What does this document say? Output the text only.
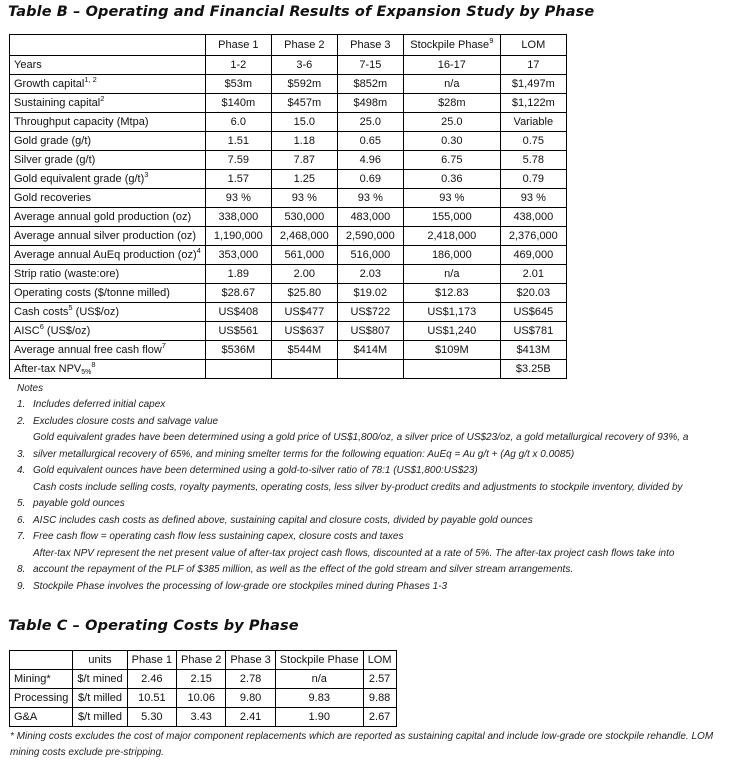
Table B – Operating and Financial Results of Expansion Study by Phase
	Phase 1	Phase 2	Phase 3	Stockpile Phase$^9$	LOM
Years	1-2	3-6	7-15	16-17	17
Growth capital$^{1, 2}$	$53m	$592m	$852m	n/a	$1,497m
Sustaining capital$^2$	$140m	$457m	$498m	$28m	$1,122m
Throughput capacity (Mtpa)	6.0	15.0	25.0	25.0	Variable
Gold grade (g/t)	1.51	1.18	0.65	0.30	0.75
Silver grade (g/t)	7.59	7.87	4.96	6.75	5.78
Gold equivalent grade $(g/t)^3$	1.57	1.25	0.69	0.36	0.79
Gold recoveries	93 %	93 %	93 %	93 %	93 %
Average annual gold production (oz)	338,000	530,000	483,000	155,000	438,000
Average annual silver production (oz)	1,190,000	2,468,000	2,590,000	2,418,000	2,376,000
Average annual AuEq production (oz)$^4$	353,000	561,000	516,000	186,000	469,000
Strip ratio (waste:ore)	1.89	2.00	2.03	n/a	2.01
Operating costs ($/tonne milled)	$28.67	$25.80	$19.02	$12.83	$20.03
Cash costs$^5$ (US$/oz)	US$408	US$477	US$722	US$1,173	US$645
AISC$^6$ (US$/oz)	US$561	US$637	US$807	US$1,240	US$781
Average annual free cash flow$^7$	$536M	$544M	$414M	$109M	$413M
After-tax $NPV_{5\%}^8$					$3.25B
Notes
1. Includes deferred initial capex
2. Excludes closure costs and salvage value
Gold equivalent grades have been determined using a gold price of US$1,800/oz, a silver price of US$23/oz, a gold metallurgical recovery of 93%, a
3. silver metallurgical recovery of 65%, and mining smelter terms for the following equation: AuEq = Au g/t + (Ag g/t x 0.0085)
4. Gold equivalent ounces have been determined using a gold-to-silver ratio of 78:1 (US$1,800:US$23)
Cash costs include selling costs, royalty payments, operating costs, less silver by-product credits and adjustments to stockpile inventory, divided by
5. payable gold ounces
6. AISC includes cash costs as defined above, sustaining capital and closure costs, divided by payable gold ounces
7. Free cash flow = operating cash flow less sustaining capex, closure costs and taxes
After-tax NPV represent the net present value of after-tax project cash flows, discounted at a rate of 5%. The after-tax project cash flows take into
8. account the repayment of the PLF of $385 million, as well as the effect of the gold stream and silver stream arrangements.
9. Stockpile Phase involves the processing of low-grade ore stockpiles mined during Phases 1-3
Table C – Operating Costs by Phase
	units	Phase 1	Phase 2	Phase 3	Stockpile Phase	LOM
Mining*	$/t mined	2.46	2.15	2.78	n/a	2.57
Processing	$/t milled	10.51	10.06	9.80	9.83	9.88
G&A	$/t milled	5.30	3.43	2.41	1.90	2.67
* Mining costs excludes the cost of major component replacements which are reported as sustaining capital and include low-grade ore stockpile rehandle. LOM mining costs exclude pre-stripping.
